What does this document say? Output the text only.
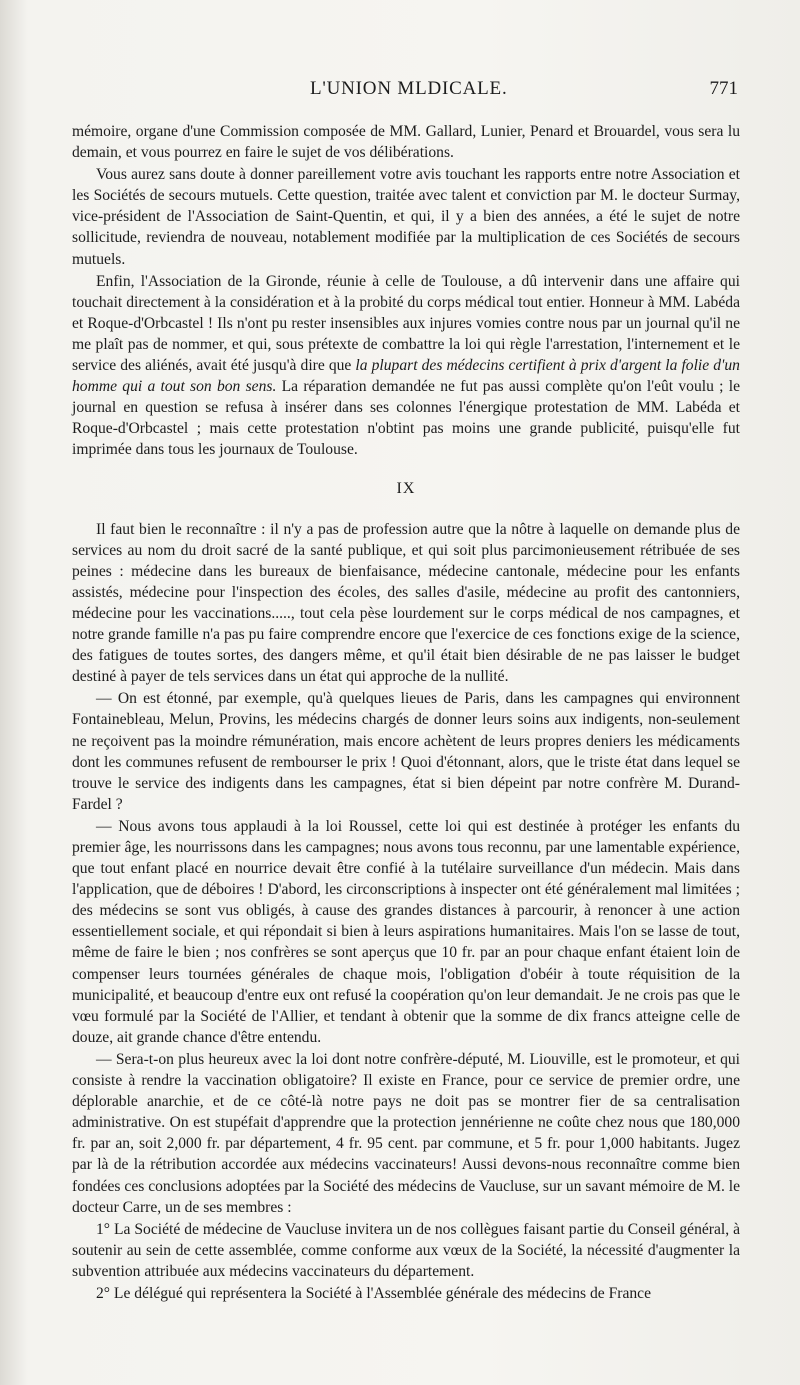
L'UNION MLDICALE.	771

mémoire, organe d'une Commission composée de MM. Gallard, Lunier, Penard et Brouardel, vous sera lu demain, et vous pourrez en faire le sujet de vos délibérations.

Vous aurez sans doute à donner pareillement votre avis touchant les rapports entre notre Association et les Sociétés de secours mutuels. Cette question, traitée avec talent et conviction par M. le docteur Surmay, vice-président de l'Association de Saint-Quentin, et qui, il y a bien des années, a été le sujet de notre sollicitude, reviendra de nouveau, notablement modifiée par la multiplication de ces Sociétés de secours mutuels.

Enfin, l'Association de la Gironde, réunie à celle de Toulouse, a dû intervenir dans une affaire qui touchait directement à la considération et à la probité du corps médical tout entier. Honneur à MM. Labéda et Roque-d'Orbcastel ! Ils n'ont pu rester insensibles aux injures vomies contre nous par un journal qu'il ne me plaît pas de nommer, et qui, sous prétexte de combattre la loi qui règle l'arrestation, l'internement et le service des aliénés, avait été jusqu'à dire que la plupart des médecins certifient à prix d'argent la folie d'un homme qui a tout son bon sens. La réparation demandée ne fut pas aussi complète qu'on l'eût voulu ; le journal en question se refusa à insérer dans ses colonnes l'énergique protestation de MM. Labéda et Roque-d'Orbcastel ; mais cette protestation n'obtint pas moins une grande publicité, puisqu'elle fut imprimée dans tous les journaux de Toulouse.

IX

Il faut bien le reconnaître : il n'y a pas de profession autre que la nôtre à laquelle on demande plus de services au nom du droit sacré de la santé publique, et qui soit plus parcimonieusement rétribuée de ses peines : médecine dans les bureaux de bienfaisance, médecine cantonale, médecine pour les enfants assistés, médecine pour l'inspection des écoles, des salles d'asile, médecine au profit des cantonniers, médecine pour les vaccinations....., tout cela pèse lourdement sur le corps médical de nos campagnes, et notre grande famille n'a pas pu faire comprendre encore que l'exercice de ces fonctions exige de la science, des fatigues de toutes sortes, des dangers même, et qu'il était bien désirable de ne pas laisser le budget destiné à payer de tels services dans un état qui approche de la nullité.

— On est étonné, par exemple, qu'à quelques lieues de Paris, dans les campagnes qui environnent Fontainebleau, Melun, Provins, les médecins chargés de donner leurs soins aux indigents, non-seulement ne reçoivent pas la moindre rémunération, mais encore achètent de leurs propres deniers les médicaments dont les communes refusent de rembourser le prix ! Quoi d'étonnant, alors, que le triste état dans lequel se trouve le service des indigents dans les campagnes, état si bien dépeint par notre confrère M. Durand-Fardel ?

— Nous avons tous applaudi à la loi Roussel, cette loi qui est destinée à protéger les enfants du premier âge, les nourrissons dans les campagnes; nous avons tous reconnu, par une lamentable expérience, que tout enfant placé en nourrice devait être confié à la tutélaire surveillance d'un médecin. Mais dans l'application, que de déboires ! D'abord, les circonscriptions à inspecter ont été généralement mal limitées ; des médecins se sont vus obligés, à cause des grandes distances à parcourir, à renoncer à une action essentiellement sociale, et qui répondait si bien à leurs aspirations humanitaires. Mais l'on se lasse de tout, même de faire le bien ; nos confrères se sont aperçus que 10 fr. par an pour chaque enfant étaient loin de compenser leurs tournées générales de chaque mois, l'obligation d'obéir à toute réquisition de la municipalité, et beaucoup d'entre eux ont refusé la coopération qu'on leur demandait. Je ne crois pas que le vœu formulé par la Société de l'Allier, et tendant à obtenir que la somme de dix francs atteigne celle de douze, ait grande chance d'être entendu.

— Sera-t-on plus heureux avec la loi dont notre confrère-député, M. Liouville, est le promoteur, et qui consiste à rendre la vaccination obligatoire? Il existe en France, pour ce service de premier ordre, une déplorable anarchie, et de ce côté-là notre pays ne doit pas se montrer fier de sa centralisation administrative. On est stupéfait d'apprendre que la protection jennérienne ne coûte chez nous que 180,000 fr. par an, soit 2,000 fr. par département, 4 fr. 95 cent. par commune, et 5 fr. pour 1,000 habitants. Jugez par là de la rétribution accordée aux médecins vaccinateurs! Aussi devons-nous reconnaître comme bien fondées ces conclusions adoptées par la Société des médecins de Vaucluse, sur un savant mémoire de M. le docteur Carre, un de ses membres :

1° La Société de médecine de Vaucluse invitera un de nos collègues faisant partie du Conseil général, à soutenir au sein de cette assemblée, comme conforme aux vœux de la Société, la nécessité d'augmenter la subvention attribuée aux médecins vaccinateurs du département.

2° Le délégué qui représentera la Société à l'Assemblée générale des médecins de France
